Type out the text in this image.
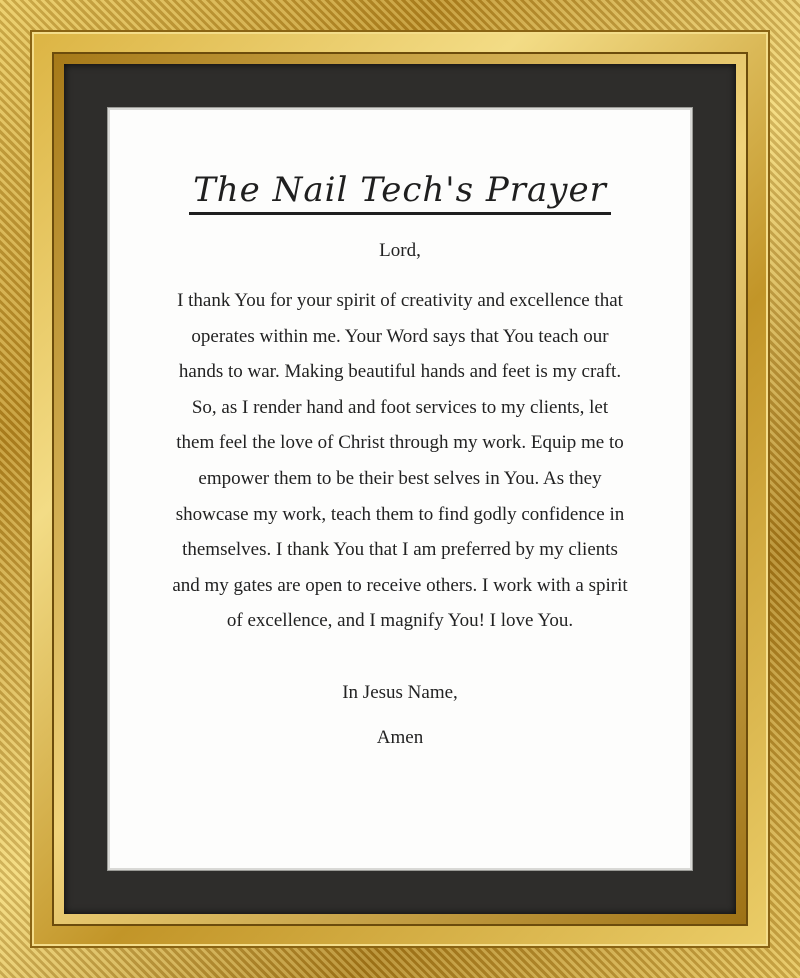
The Nail Tech's Prayer
Lord,
I thank You for your spirit of creativity and excellence that operates within me. Your Word says that You teach our hands to war. Making beautiful hands and feet is my craft. So, as I render hand and foot services to my clients, let them feel the love of Christ through my work. Equip me to empower them to be their best selves in You. As they showcase my work, teach them to find godly confidence in themselves. I thank You that I am preferred by my clients and my gates are open to receive others. I work with a spirit of excellence, and I magnify You! I love You.
In Jesus Name,
Amen
